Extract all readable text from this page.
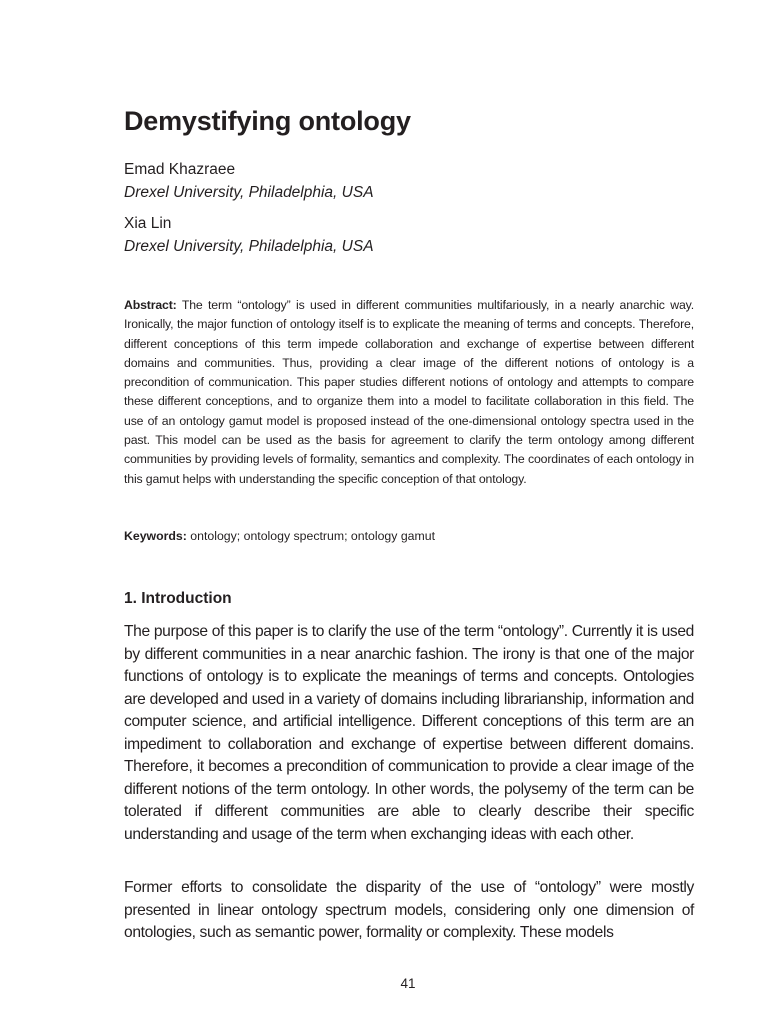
Demystifying ontology
Emad Khazraee
Drexel University, Philadelphia, USA
Xia Lin
Drexel University, Philadelphia, USA

Abstract: The term “ontology” is used in different communities multifariously, in a nearly anarchic way. Ironically, the major function of ontology itself is to explicate the meaning of terms and concepts. Therefore, different conceptions of this term impede collaboration and exchange of expertise between different domains and communities. Thus, providing a clear image of the different notions of ontology is a precondition of communication. This paper studies different notions of ontology and attempts to compare these different conceptions, and to organize them into a model to facilitate collaboration in this field. The use of an ontology gamut model is proposed instead of the one-dimensional ontology spectra used in the past. This model can be used as the basis for agreement to clarify the term ontology among different communities by providing levels of formality, semantics and complexity. The coordinates of each ontology in this gamut helps with understanding the specific conception of that ontology.

Keywords: ontology; ontology spectrum; ontology gamut

1. Introduction

The purpose of this paper is to clarify the use of the term “ontology”. Currently it is used by different communities in a near anarchic fashion. The irony is that one of the major functions of ontology is to explicate the meanings of terms and concepts. Ontologies are developed and used in a variety of domains including librarianship, information and computer science, and artificial intelligence. Different conceptions of this term are an impediment to collaboration and exchange of expertise between different domains. Therefore, it becomes a precondition of communication to provide a clear image of the different notions of the term ontology. In other words, the polysemy of the term can be tolerated if different communities are able to clearly describe their specific understanding and usage of the term when exchanging ideas with each other.

Former efforts to consolidate the disparity of the use of “ontology” were mostly presented in linear ontology spectrum models, considering only one dimension of ontologies, such as semantic power, formality or complexity. These models

41
